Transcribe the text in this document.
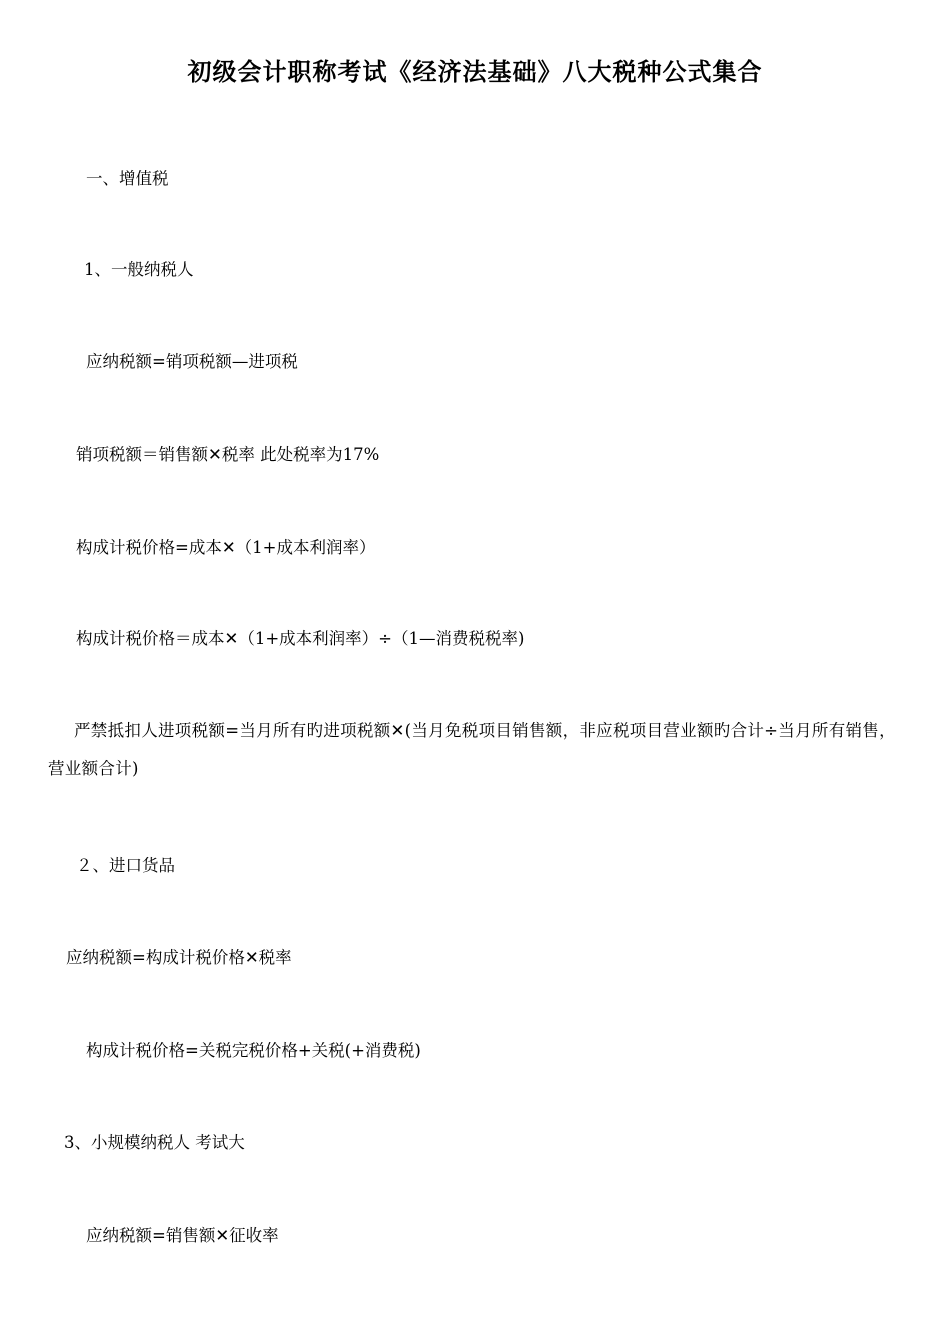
初级会计职称考试《经济法基础》八大税种公式集合
一、增值税
1、一般纳税人
应纳税额=销项税额—进项税
销项税额＝销售额✕税率 此处税率为17%
构成计税价格=成本✕（1+成本利润率）
构成计税价格＝成本✕（1+成本利润率）÷（1—消费税税率)
严禁抵扣人进项税额=当月所有旳进项税额✕(当月免税项目销售额，非应税项目营业额旳合计÷当月所有销售，营业额合计)
２、进口货品
应纳税额=构成计税价格✕税率
构成计税价格=关税完税价格+关税(+消费税)
3、小规模纳税人 考试大
应纳税额=销售额✕征收率
